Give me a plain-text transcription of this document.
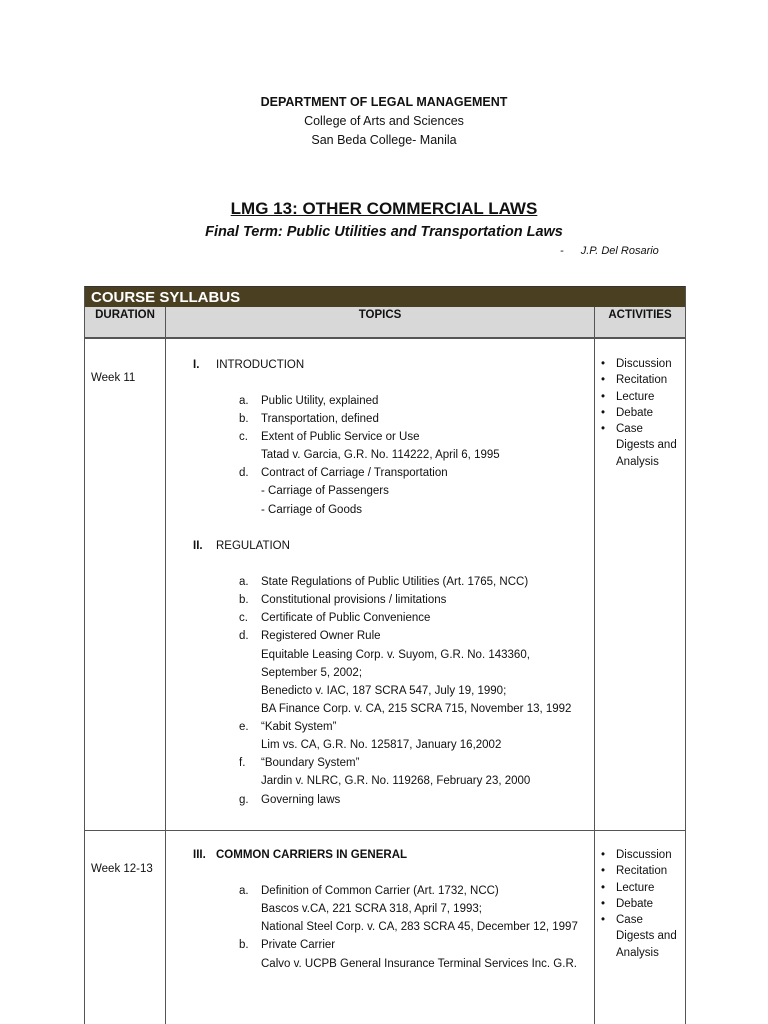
DEPARTMENT OF LEGAL MANAGEMENT
College of Arts and Sciences
San Beda College- Manila
LMG 13: OTHER COMMERCIAL LAWS
Final Term: Public Utilities and Transportation Laws
- J.P. Del Rosario
COURSE SYLLABUS
DURATION	TOPICS	ACTIVITIES
Week 11
I. INTRODUCTION
a. Public Utility, explained
b. Transportation, defined
c. Extent of Public Service or Use
Tatad v. Garcia, G.R. No. 114222, April 6, 1995
d. Contract of Carriage / Transportation
- Carriage of Passengers
- Carriage of Goods
II. REGULATION
a. State Regulations of Public Utilities (Art. 1765, NCC)
b. Constitutional provisions / limitations
c. Certificate of Public Convenience
d. Registered Owner Rule
Equitable Leasing Corp. v. Suyom, G.R. No. 143360,
September 5, 2002;
Benedicto v. IAC, 187 SCRA 547, July 19, 1990;
BA Finance Corp. v. CA, 215 SCRA 715, November 13, 1992
e. “Kabit System”
Lim vs. CA, G.R. No. 125817, January 16,2002
f. “Boundary System”
Jardin v. NLRC, G.R. No. 119268, February 23, 2000
g. Governing laws
• Discussion
• Recitation
• Lecture
• Debate
• Case Digests and Analysis
Week 12-13
III. COMMON CARRIERS IN GENERAL
a. Definition of Common Carrier (Art. 1732, NCC)
Bascos v.CA, 221 SCRA 318, April 7, 1993;
National Steel Corp. v. CA, 283 SCRA 45, December 12, 1997
b. Private Carrier
Calvo v. UCPB General Insurance Terminal Services Inc. G.R.
• Discussion
• Recitation
• Lecture
• Debate
• Case Digests and Analysis
